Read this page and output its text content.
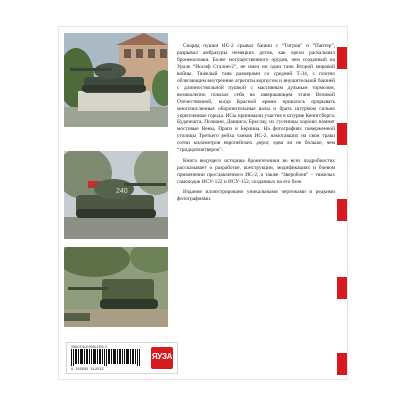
240

Снаряд пушки ИС-2 срывал башни с “Тигров” и “Пантер”, разрывал амбразуры немецких дотов, как орехи раскалывал бронеколпаки. Более могущественного орудия, чем созданный на Урале “Иосиф Сталин-2”, не имел ни один танк Второй мировой войны. Тяжелый танк размерами со средний Т-34, с плотно облегающим внутренние агрегаты корпусом и внушительной башней с длинноствольной пушкой с массивным дульным тормозом, великолепно показал себя на завершающем этапе Великой Отечественной, когда Красной армии пришлось прорывать многочисленные оборонительные валы и брать штурмом сильно укрепленные города. ИСы принимали участие в штурме Кенигсберга, Будапешта, Познани, Данцига, Бреслау, их гусеницы хорошо помнят мостовые Вены, Праги и Берлина. На фотографиях поверженной столицы Третьего рейха танков ИС-2, намотавших на свои траки сотни километров европейских дорог, едва ли не больше, чем “тридцатьчетверок”.

Книга ведущего историка бронетехники во всех подробностях рассказывает о разработке, конструкции, модификациях и боевом применении прославленного ИС-2, а также “Зверобоев” – тяжелых самоходок ИСУ-122 и ИСУ-152, созданных на его базе.

Издание иллюстрировано уникальными чертежами и редкими фотографиями.

ISBN 978-5-9955-1252-3
9 785995 512523
ЯУЗА
